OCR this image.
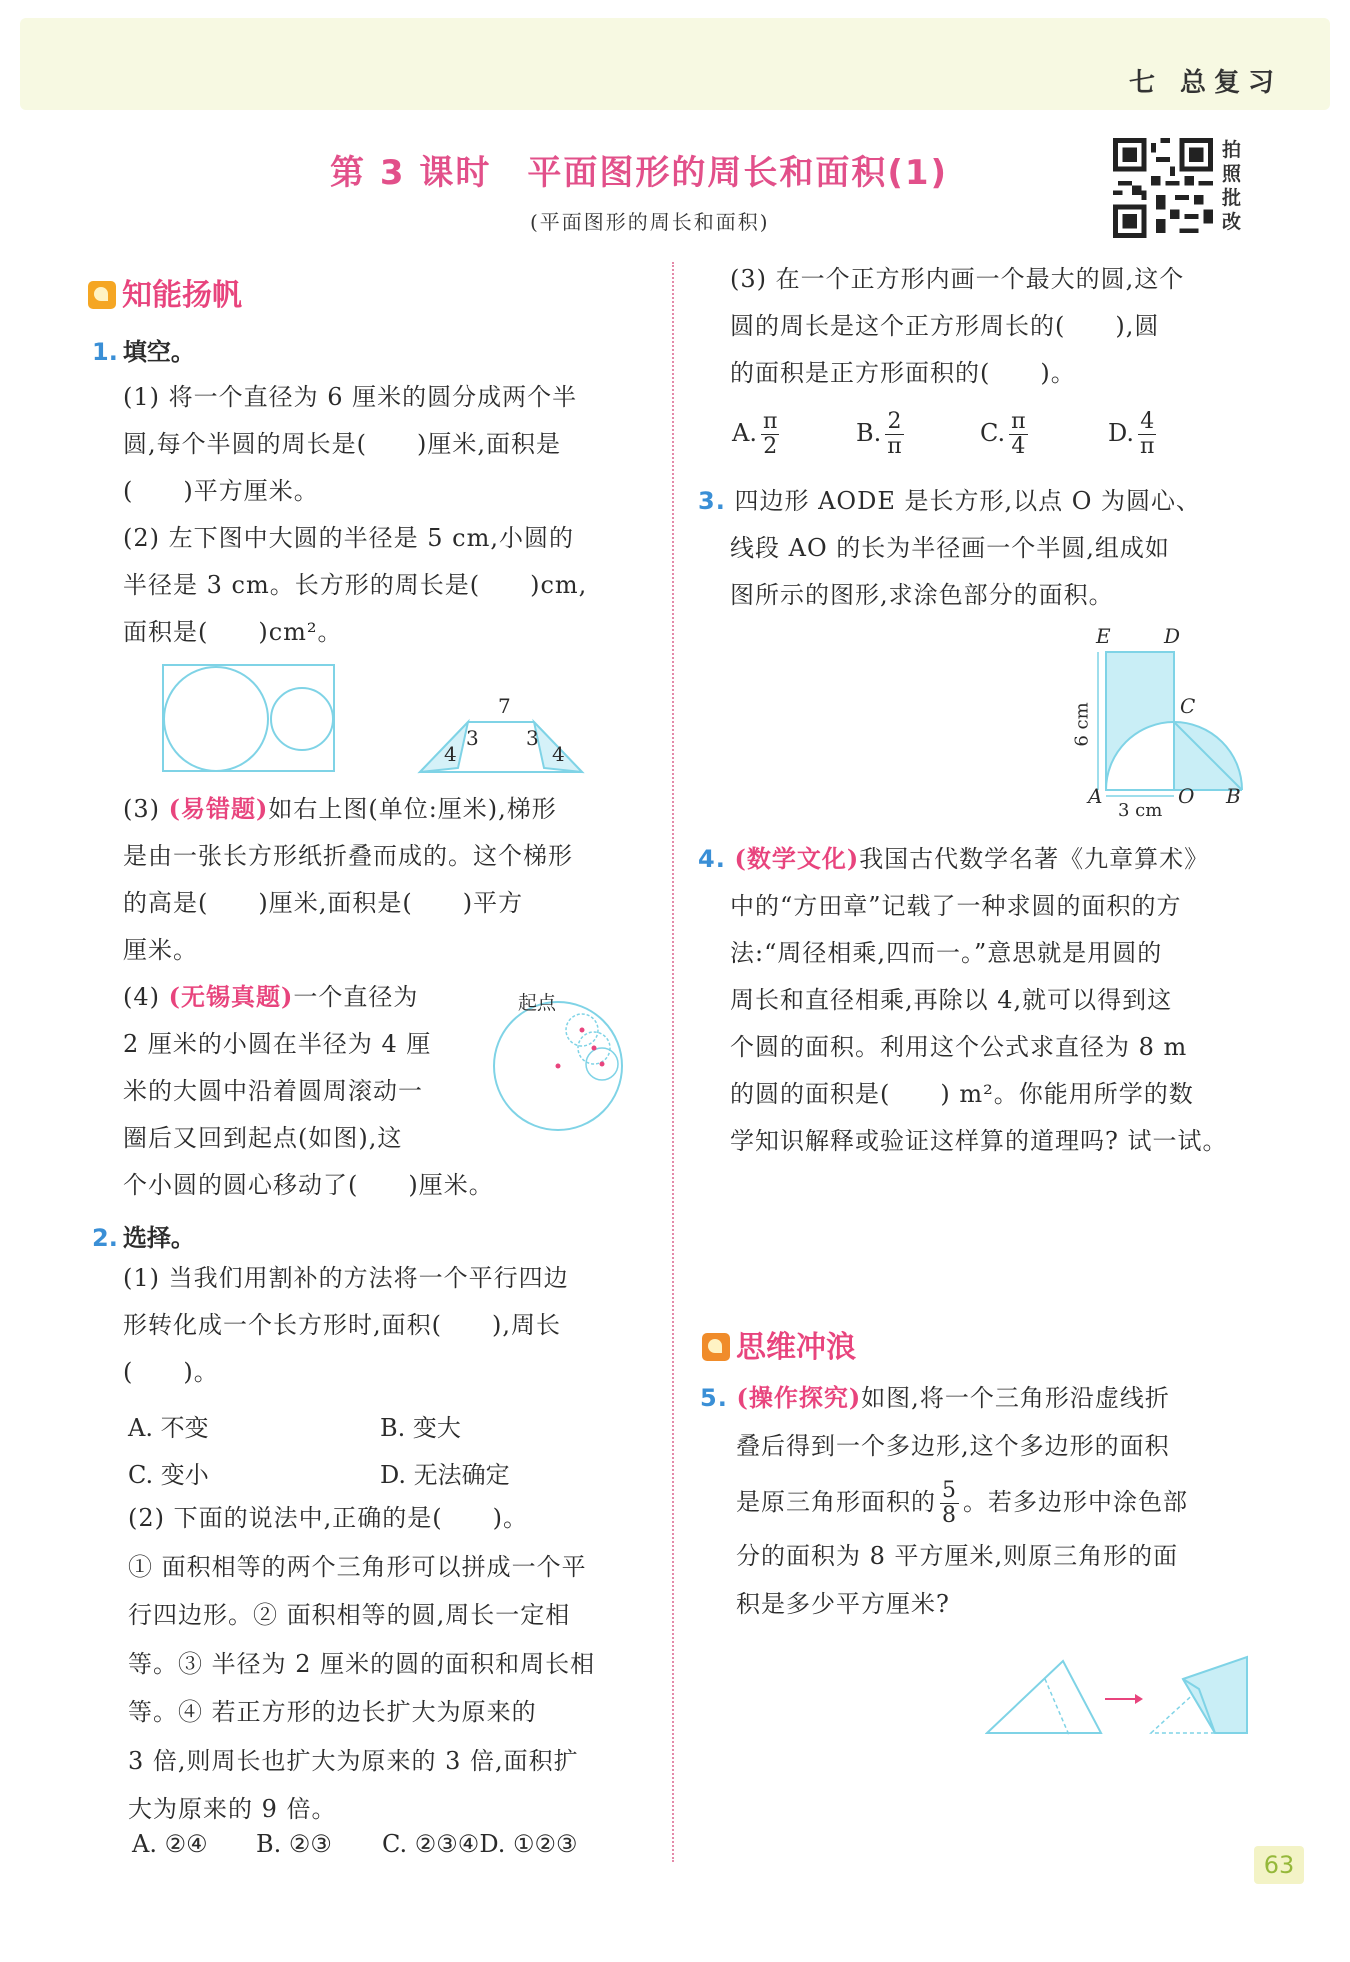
七 总复习
第 3 课时　平面图形的周长和面积(1)
(平面图形的周长和面积)
拍照批改
知能扬帆
1. 填空。
(1) 将一个直径为 6 厘米的圆分成两个半
圆,每个半圆的周长是(　　)厘米,面积是
(　　)平方厘米。
(2) 左下图中大圆的半径是 5 cm,小圆的
半径是 3 cm。长方形的周长是(　　)cm,
面积是(　　)cm²。
7
3 3
4	4
(3) (易错题)如右上图(单位:厘米),梯形
是由一张长方形纸折叠而成的。这个梯形
的高是(　　)厘米,面积是(　　)平方
厘米。
(4) (无锡真题)一个直径为
2 厘米的小圆在半径为 4 厘
米的大圆中沿着圆周滚动一
圈后又回到起点(如图),这
个小圆的圆心移动了(　　)厘米。
起点
2. 选择。
(1) 当我们用割补的方法将一个平行四边
形转化成一个长方形时,面积(　　),周长
(　　)。
A. 不变	B. 变大
C. 变小	D. 无法确定
(2) 下面的说法中,正确的是(　　)。
① 面积相等的两个三角形可以拼成一个平
行四边形。② 面积相等的圆,周长一定相
等。③ 半径为 2 厘米的圆的面积和周长相
等。④ 若正方形的边长扩大为原来的
3 倍,则周长也扩大为原来的 3 倍,面积扩
大为原来的 9 倍。
A. ②④ B. ②③ C. ②③④D. ①②③
(3) 在一个正方形内画一个最大的圆,这个
圆的周长是这个正方形周长的(　　),圆
的面积是正方形面积的(　　)。
A. $\frac{\pi}{2}$	B. $\frac{2}{\pi}$	C. $\frac{\pi}{4}$	D. $\frac{4}{\pi}$
3. 四边形 AODE 是长方形,以点 O 为圆心、
线段 AO 的长为半径画一个半圆,组成如
图所示的图形,求涂色部分的面积。
E	D
C
A	O B
6 cm
3 cm
4. (数学文化)我国古代数学名著《九章算术》
中的“方田章”记载了一种求圆的面积的方
法:“周径相乘,四而一。”意思就是用圆的
周长和直径相乘,再除以 4,就可以得到这
个圆的面积。利用这个公式求直径为 8 m
的圆的面积是(　　) m²。你能用所学的数
学知识解释或验证这样算的道理吗? 试一试。
思维冲浪
5. (操作探究)如图,将一个三角形沿虚线折
叠后得到一个多边形,这个多边形的面积
是原三角形面积的 $\frac{5}{8}$ 。若多边形中涂色部
分的面积为 8 平方厘米,则原三角形的面
积是多少平方厘米?
63
